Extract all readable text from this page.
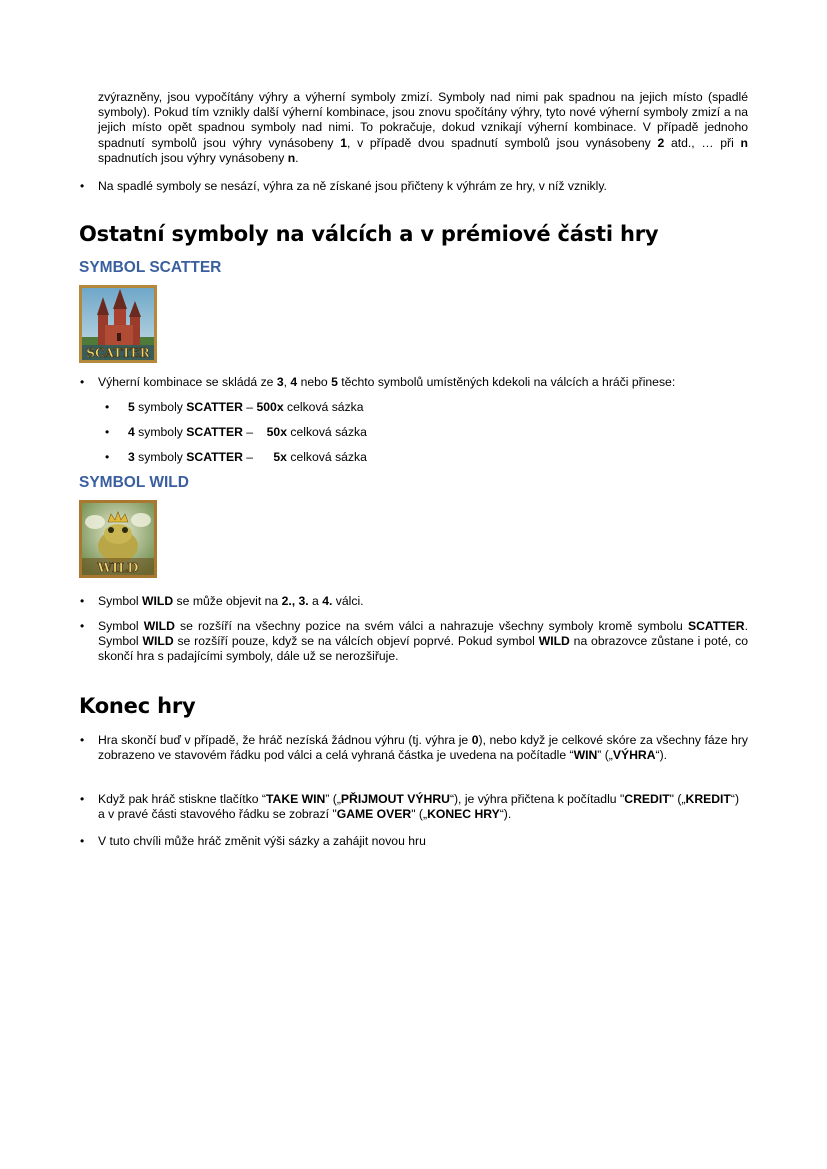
zvýrazněny, jsou vypočítány výhry a výherní symboly zmizí. Symboly nad nimi pak spadnou na jejich místo (spadlé symboly). Pokud tím vznikly další výherní kombinace, jsou znovu spočítány výhry, tyto nové výherní symboly zmizí a na jejich místo opět spadnou symboly nad nimi. To pokračuje, dokud vznikají výherní kombinace. V případě jednoho spadnutí symbolů jsou výhry vynásobeny 1, v případě dvou spadnutí symbolů jsou vynásobeny 2 atd., … při n spadnutích jsou výhry vynásobeny n.

•

Na spadlé symboly se nesází, výhra za ně získané jsou přičteny k výhrám ze hry, v níž vznikly.

Ostatní symboly na válcích a v prémiové části hry
SYMBOL SCATTER
SCATTER
•

Výherní kombinace se skládá ze 3, 4 nebo 5 těchto symbolů umístěných kdekoli na válcích a hráči přinese:

•
5 symboly SCATTER – 500x celková sázka
•
4 symboly SCATTER –    50x celková sázka
•
3 symboly SCATTER –      5x celková sázka
SYMBOL WILD
WILD
•

Symbol WILD se může objevit na 2., 3. a 4. válci.

•

Symbol WILD se rozšíří na všechny pozice na svém válci a nahrazuje všechny symboly kromě symbolu SCATTER. Symbol WILD se rozšíří pouze, když se na válcích objeví poprvé. Pokud symbol WILD na obrazovce zůstane i poté, co skončí hra s padajícími symboly, dále už se nerozšiřuje.

Konec hry
•

Hra skončí buď v případě, že hráč nezíská žádnou výhru (tj. výhra je 0), nebo když je celkové skóre za všechny fáze hry zobrazeno ve stavovém řádku pod válci a celá vyhraná částka je uvedena na počítadle “WIN” („VÝHRA“).

•

Když pak hráč stiskne tlačítko “TAKE WIN” („PŘIJMOUT VÝHRU“), je výhra přičtena k počítadlu "CREDIT" („KREDIT“) a v pravé části stavového řádku se zobrazí "GAME OVER" („KONEC HRY“).

•

V tuto chvíli může hráč změnit výši sázky a zahájit novou hru
